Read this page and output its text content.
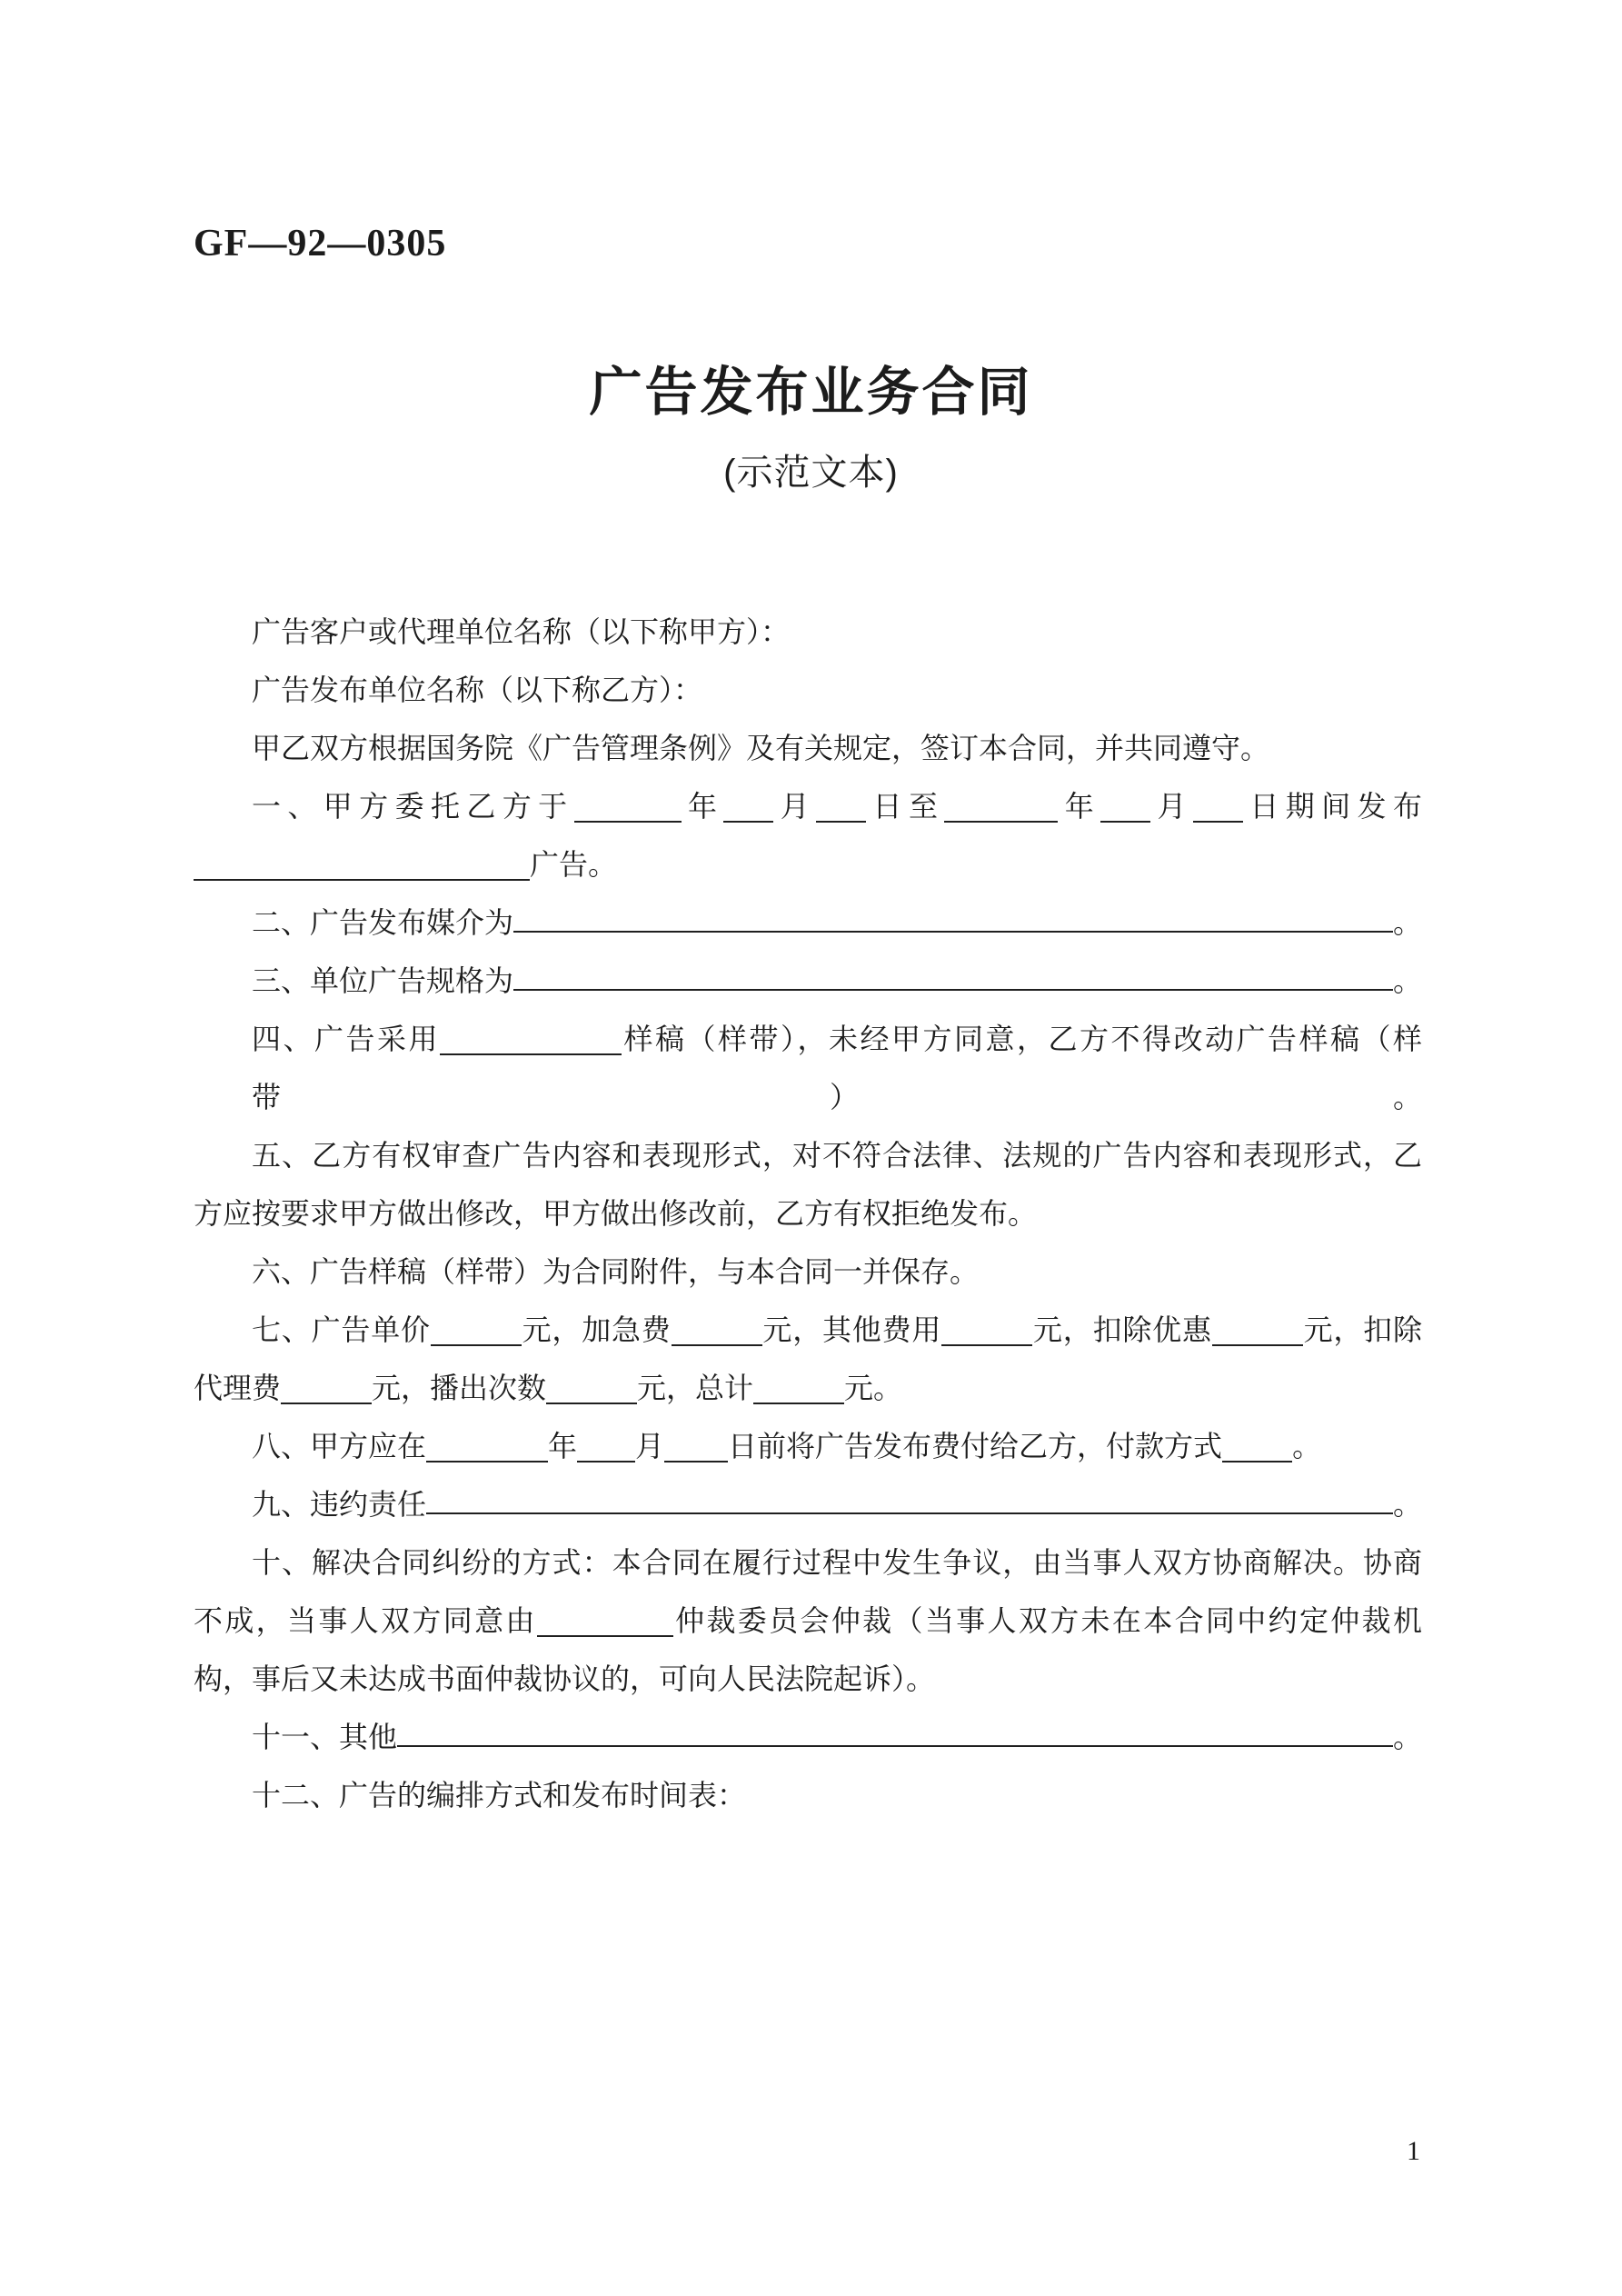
GF—92—0305
广告发布业务合同
(示范文本)
广告客户或代理单位名称（以下称甲方）：
广告发布单位名称（以下称乙方）：
甲乙双方根据国务院《广告管理条例》及有关规定，签订本合同，并共同遵守。
一、甲方委托乙方于	年 月 日至	年 月 日期间发布
广告。
二、广告发布媒介为	。
三、单位广告规格为	。
四、广告采用	样稿（样带），未经甲方同意，乙方不得改动广告样稿（样带）。
五、乙方有权审查广告内容和表现形式，对不符合法律、法规的广告内容和表现形式，乙
方应按要求甲方做出修改，甲方做出修改前，乙方有权拒绝发布。
六、广告样稿（样带）为合同附件，与本合同一并保存。
七、广告单价	元，加急费	元，其他费用	元，扣除优惠	元，扣除
代理费	元，播出次数	元，总计	元。
八、甲方应在	年 月 日前将广告发布费付给乙方，付款方式 。
九、违约责任	。
十、解决合同纠纷的方式：本合同在履行过程中发生争议，由当事人双方协商解决。协商
不成，当事人双方同意由	仲裁委员会仲裁（当事人双方未在本合同中约定仲裁机
构，事后又未达成书面仲裁协议的，可向人民法院起诉）。
十一、其他	。
十二、广告的编排方式和发布时间表：
1
